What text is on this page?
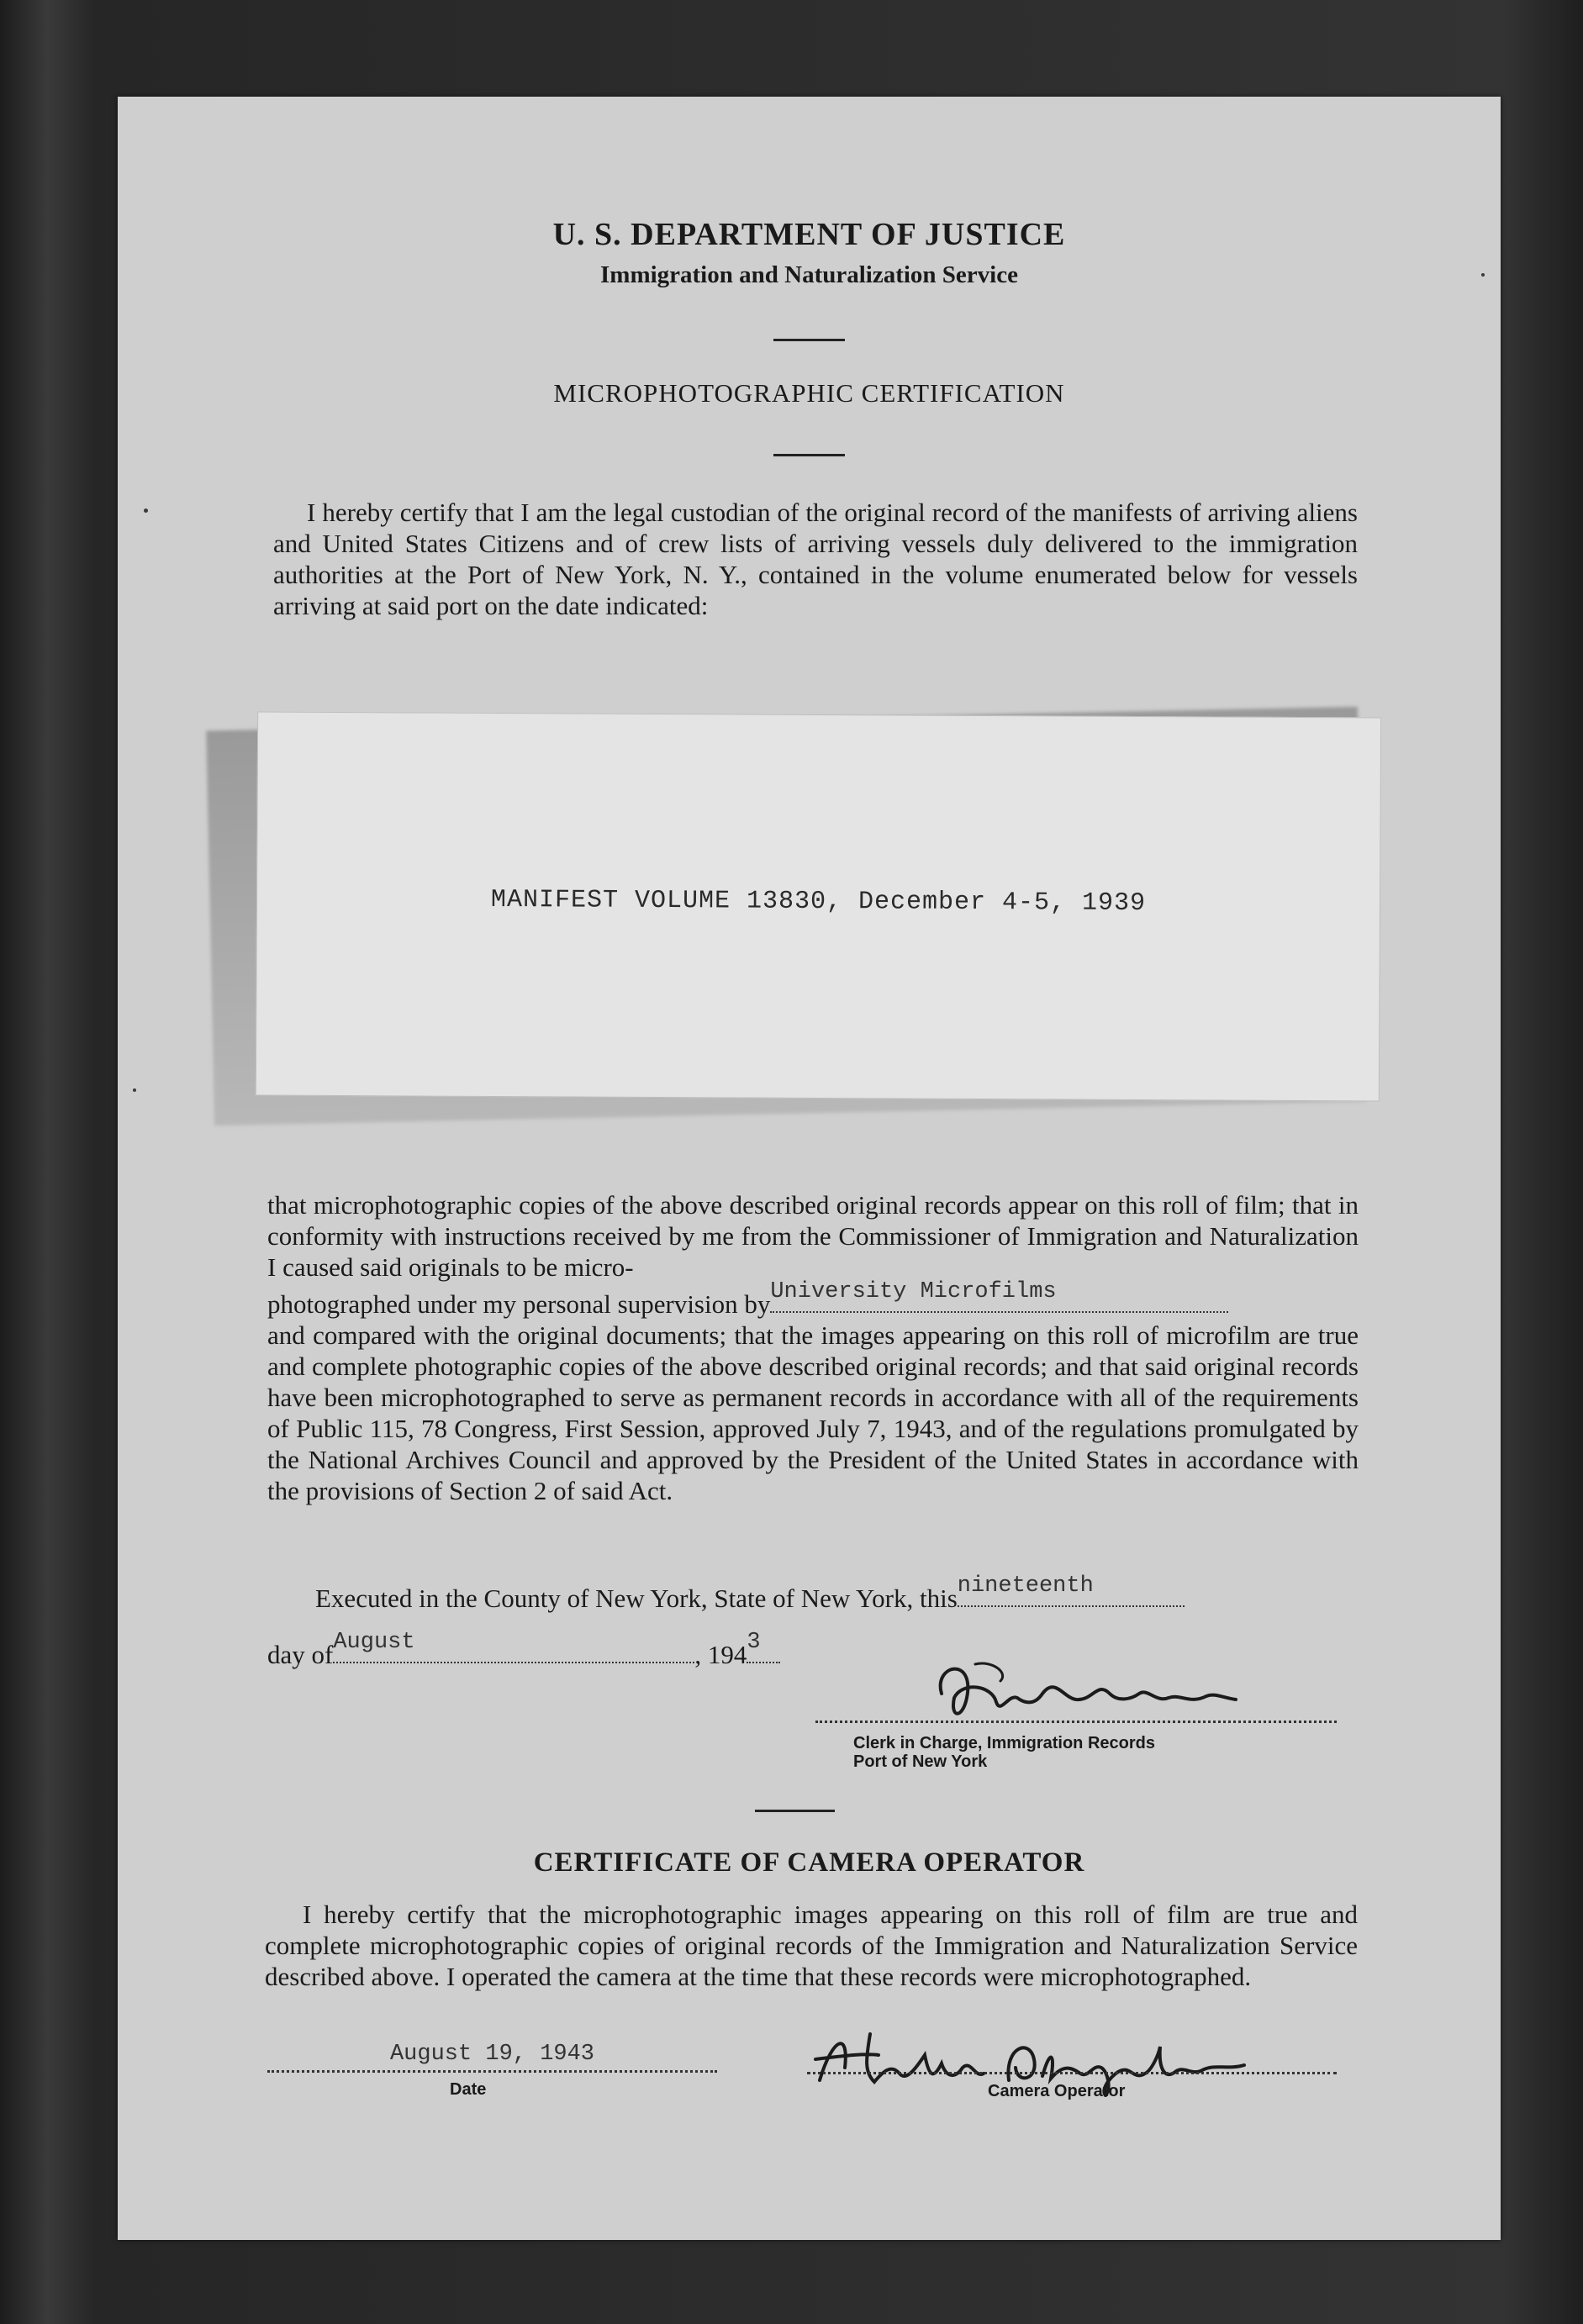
U. S. DEPARTMENT OF JUSTICE
Immigration and Naturalization Service
MICROPHOTOGRAPHIC CERTIFICATION
I hereby certify that I am the legal custodian of the original record of the manifests of arriving aliens and United States Citizens and of crew lists of arriving vessels duly delivered to the immigration authorities at the Port of New York, N. Y., contained in the volume enumerated below for vessels arriving at said port on the date indicated:
MANIFEST VOLUME 13830, December 4-5, 1939

that microphotographic copies of the above described original records appear on this roll of film; that in conformity with instructions received by me from the Commissioner of Immigration and Naturalization I caused said originals to be micro-

photographed under my personal supervision by University Microfilms

and compared with the original documents; that the images appearing on this roll of microfilm are true and complete photographic copies of the above described original records; and that said original records have been microphotographed to serve as permanent records in accordance with all of the requirements of Public 115, 78 Congress, First Session, approved July 7, 1943, and of the regulations promulgated by the National Archives Council and approved by the President of the United States in accordance with the provisions of Section 2 of said Act.

Executed in the County of New York, State of New York, this nineteenth
day of August	, 194 3
Clerk in Charge, Immigration Records
Port of New York
CERTIFICATE OF CAMERA OPERATOR
I hereby certify that the microphotographic images appearing on this roll of film are true and complete microphotographic copies of original records of the Immigration and Naturalization Service described above. I operated the camera at the time that these records were microphotographed.
August 19, 1943
Date	Camera Operator
